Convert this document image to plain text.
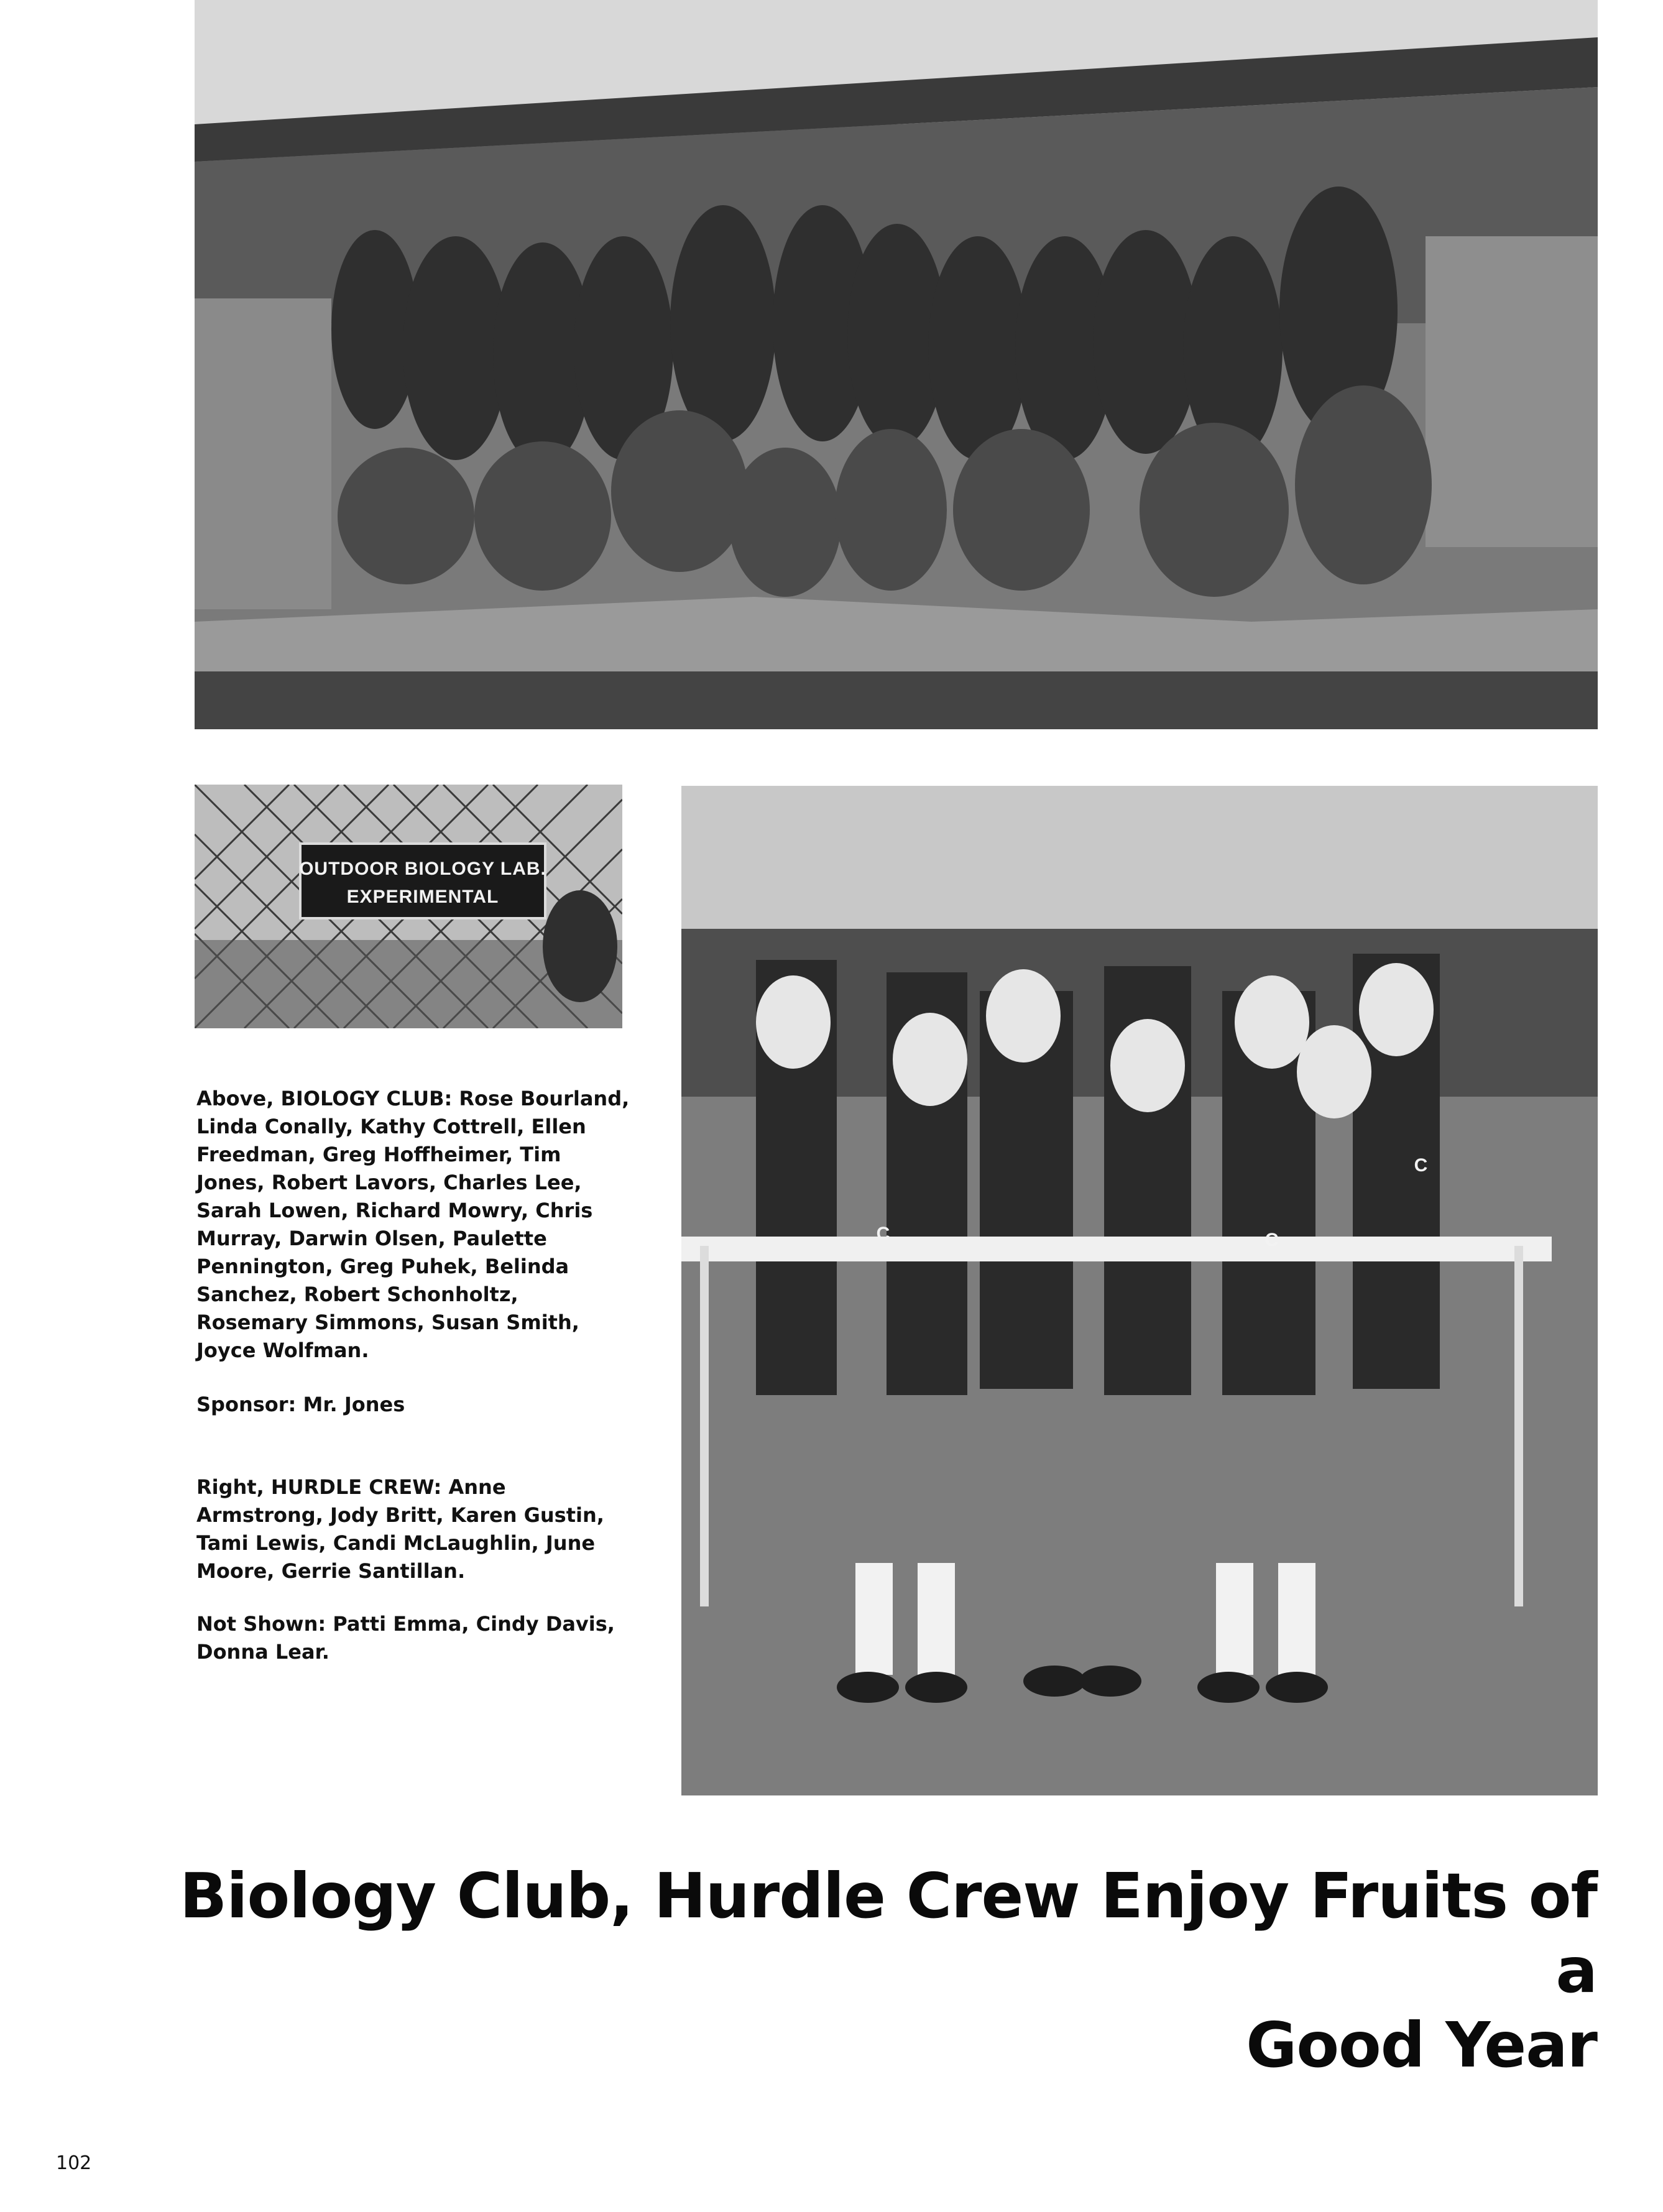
OUTDOOR BIOLOGY LAB.
EXPERIMENTAL
C	C
C

Above, BIOLOGY CLUB: Rose Bourland, Linda Conally, Kathy Cottrell, Ellen Freedman, Greg Hoffheimer, Tim Jones, Robert Lavors, Charles Lee, Sarah Lowen, Richard Mowry, Chris Murray, Darwin Olsen, Paulette Pennington, Greg Puhek, Belinda Sanchez, Robert Schonholtz, Rosemary Simmons, Susan Smith, Joyce Wolfman.

Sponsor: Mr. Jones

Right, HURDLE CREW: Anne Armstrong, Jody Britt, Karen Gustin, Tami Lewis, Candi McLaughlin, June Moore, Gerrie Santillan.

Not Shown: Patti Emma, Cindy Davis, Donna Lear.

Biology Club, Hurdle Crew Enjoy Fruits of a
Good Year
102
